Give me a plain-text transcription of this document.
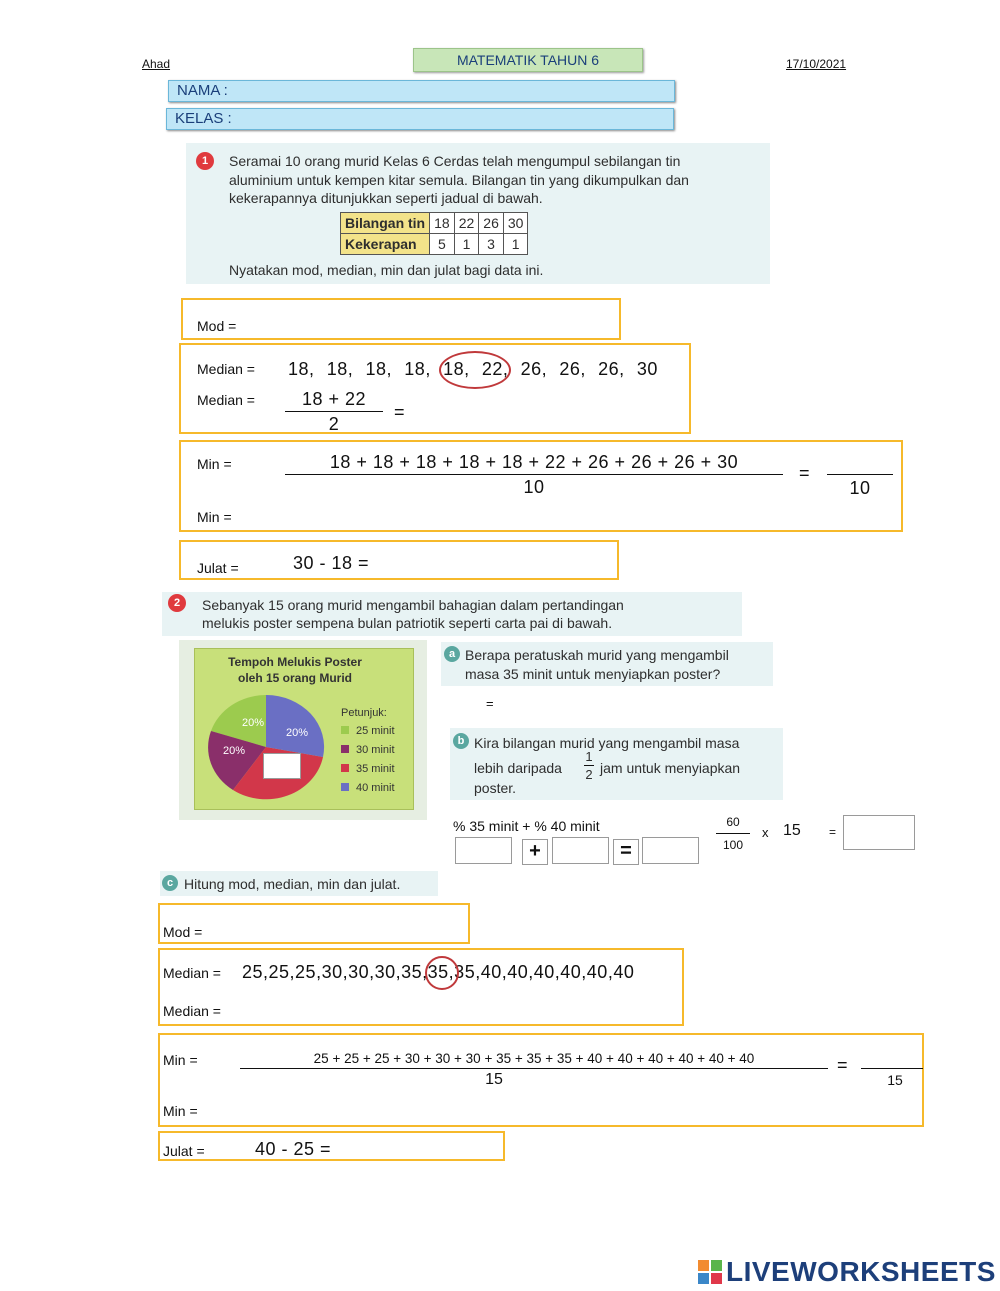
Ahad	MATEMATIK TAHUN 6	17/10/2021
NAMA :
KELAS :
1	Seramai 10 orang murid Kelas 6 Cerdas telah mengumpul sebilangan tin
aluminium untuk kempen kitar semula. Bilangan tin yang dikumpulkan dan
kekerapannya ditunjukkan seperti jadual di bawah.
Bilangan tin	18	22	26	30
Kekerapan	5	1	3	1
Nyatakan mod, median, min dan julat bagi data ini.
Mod =
Median = 18, 18, 18, 18, 18, 22, 26, 26, 26, 30
Median =	18 + 22
2
=
Min =	18 + 18 + 18 + 18 + 18 + 22 + 26 + 26 + 26 + 30
10
=
10
Min =
Julat =	30 - 18 =
2	Sebanyak 15 orang murid mengambil bahagian dalam pertandingan
melukis poster sempena bulan patriotik seperti carta pai di bawah.
Tempoh Melukis Poster
oleh 15 orang Murid
20%
20%
20%
Petunjuk:
25 minit
30 minit
35 minit
40 minit
a Berapa peratuskah murid yang mengambil
masa 35 minit untuk menyiapkan poster?
=
b Kira bilangan murid yang mengambil masa
lebih daripada
1
2 jam untuk menyiapkan
poster.
% 35 minit + % 40 minit
+	=
60
100
x 15 =
c Hitung mod, median, min dan julat.
Mod =
Median = 25,25,25,30,30,30,35,35,35,40,40,40,40,40,40
Median =
Min =	25 + 25 + 25 + 30 + 30 + 30 + 35 + 35 + 35 + 40 + 40 + 40 + 40 + 40 + 40
15
=
15
Min =
Julat =	40 - 25 =
LIVEWORKSHEETS
